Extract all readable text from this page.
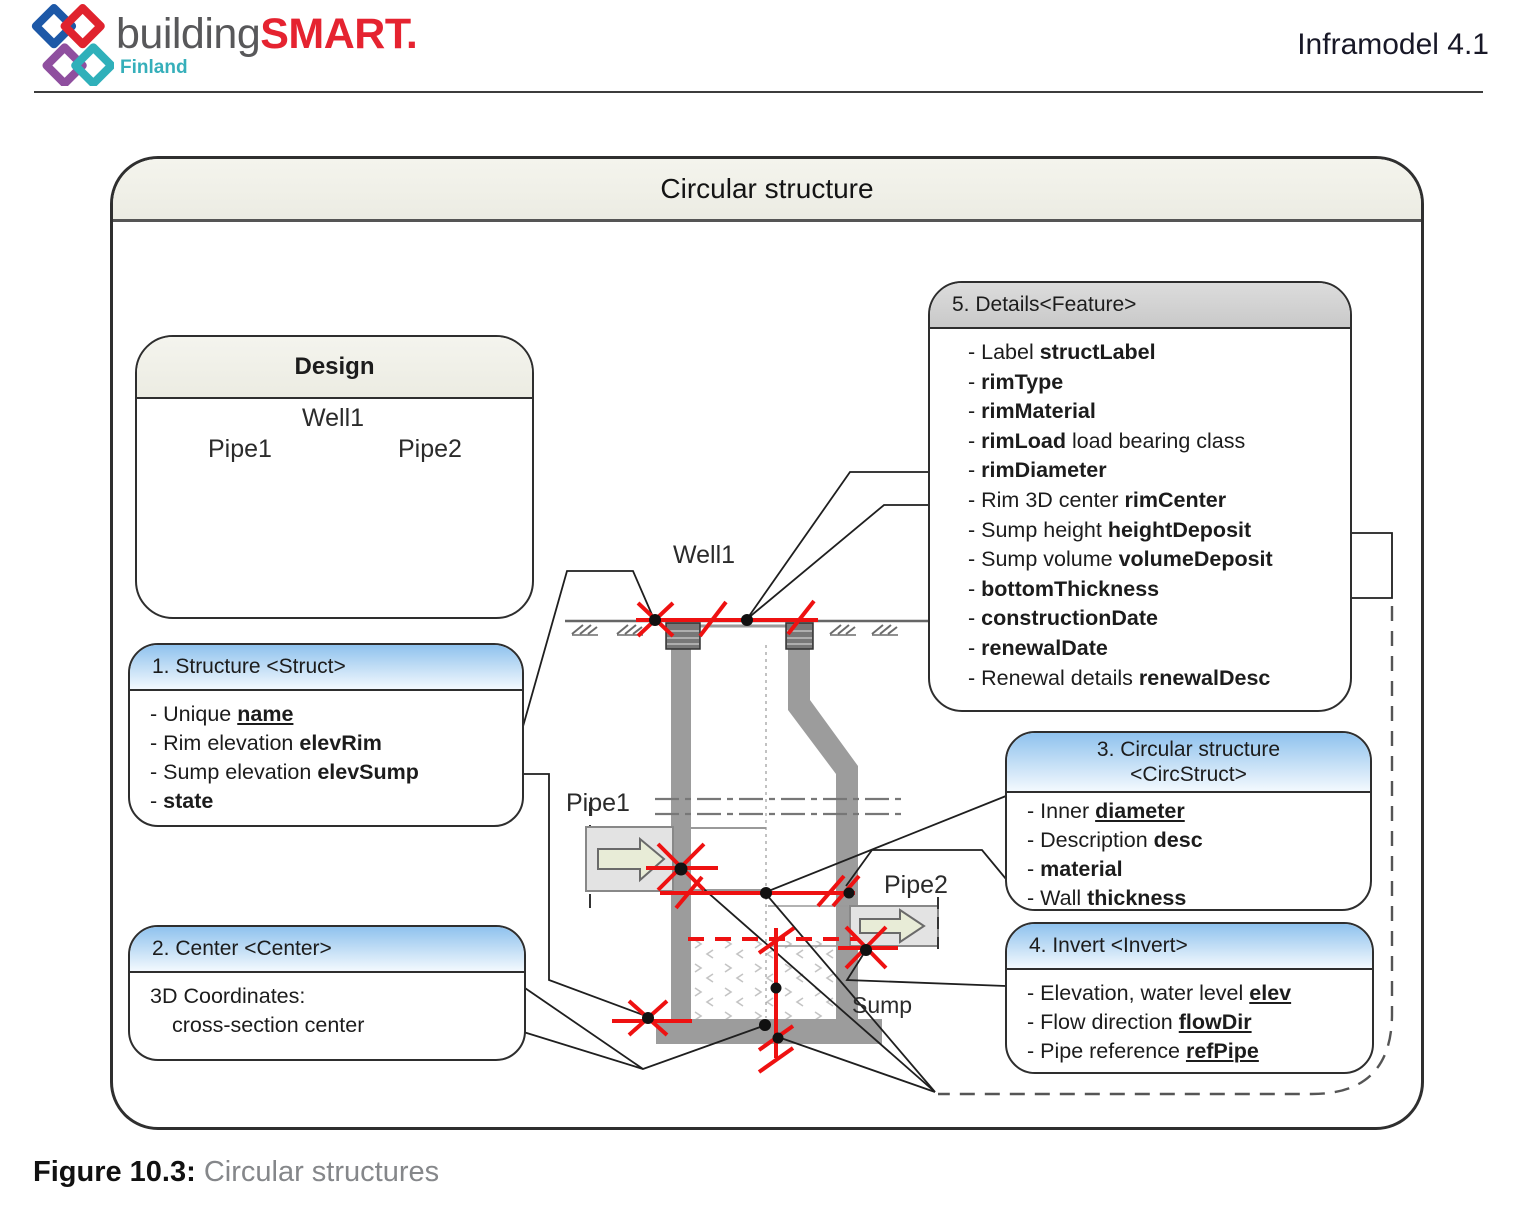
buildingSMART.
Finland
Inframodel 4.1
Circular structure
Design
1. Structure <Struct>
- Unique name
- Rim elevation elevRim
- Sump elevation elevSump
- state
2. Center <Center>
3D Coordinates:
cross-section center
5. Details<Feature>
- Label structLabel
- rimType
- rimMaterial
- rimLoad load bearing class
- rimDiameter
- Rim 3D center rimCenter
- Sump height heightDeposit
- Sump volume volumeDeposit
- bottomThickness
- constructionDate
- renewalDate
- Renewal details renewalDesc
3. Circular structure
<CircStruct>
- Inner diameter
- Description desc
- material
- Wall thickness
4. Invert <Invert>
- Elevation, water level elev
- Flow direction flowDir
- Pipe reference refPipe
Well1
Pipe1	Pipe2
Well1
Pipe1
Pipe2
Sump
Figure 10.3: Circular structures
